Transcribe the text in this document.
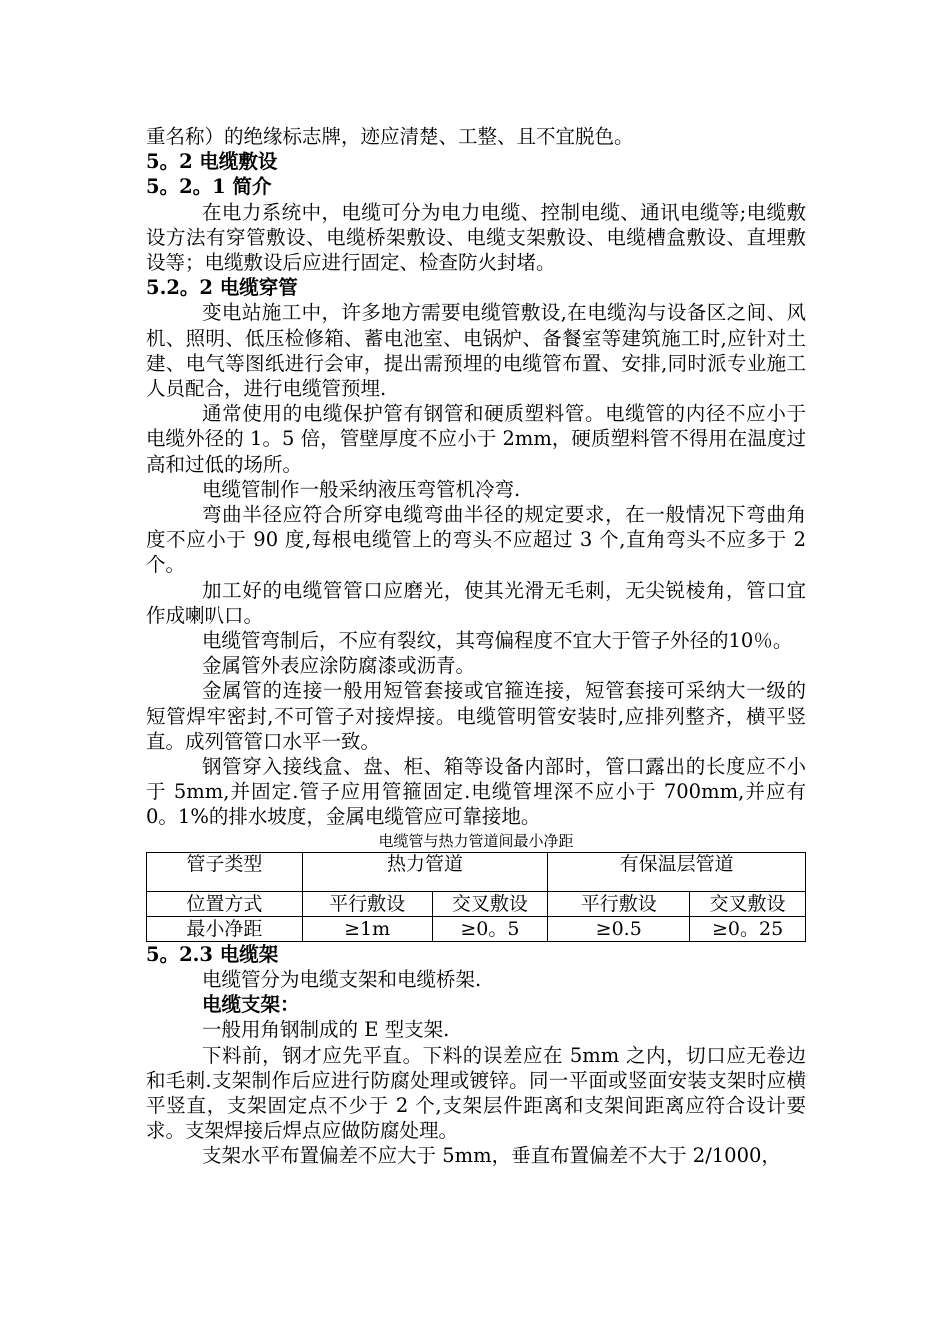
重名称）的绝缘标志牌，迹应清楚、工整、且不宜脱色。

5。2 电缆敷设

5。2。1 简介

在电力系统中，电缆可分为电力电缆、控制电缆、通讯电缆等;电缆敷设方法有穿管敷设、电缆桥架敷设、电缆支架敷设、电缆槽盒敷设、直埋敷设等；电缆敷设后应进行固定、检查防火封堵。

5.2。2 电缆穿管

变电站施工中，许多地方需要电缆管敷设,在电缆沟与设备区之间、风机、照明、低压检修箱、蓄电池室、电锅炉、备餐室等建筑施工时,应针对土建、电气等图纸进行会审，提出需预埋的电缆管布置、安排,同时派专业施工人员配合，进行电缆管预埋.

通常使用的电缆保护管有钢管和硬质塑料管。电缆管的内径不应小于电缆外径的 1。5 倍，管壁厚度不应小于 2mm，硬质塑料管不得用在温度过高和过低的场所。

电缆管制作一般采纳液压弯管机冷弯.

弯曲半径应符合所穿电缆弯曲半径的规定要求，在一般情况下弯曲角度不应小于 90 度,每根电缆管上的弯头不应超过 3 个,直角弯头不应多于 2 个。

加工好的电缆管管口应磨光，使其光滑无毛刺，无尖锐棱角，管口宜作成喇叭口。

电缆管弯制后，不应有裂纹，其弯偏程度不宜大于管子外径的10％。

金属管外表应涂防腐漆或沥青。

金属管的连接一般用短管套接或官箍连接，短管套接可采纳大一级的短管焊牢密封,不可管子对接焊接。电缆管明管安装时,应排列整齐，横平竖直。成列管管口水平一致。

钢管穿入接线盒、盘、柜、箱等设备内部时，管口露出的长度应不小于 5mm,并固定.管子应用管箍固定.电缆管埋深不应小于 700mm,并应有 0。1%的排水坡度，金属电缆管应可靠接地。

电缆管与热力管道间最小净距

管子类型	热力管道		有保温层管道	
位置方式	平行敷设	交叉敷设	平行敷设	交叉敷设
最小净距	≥1m	≥0。5	≥0.5	≥0。25

5。2.3 电缆架

电缆管分为电缆支架和电缆桥架.

电缆支架：

一般用角钢制成的 E 型支架.

下料前，钢才应先平直。下料的误差应在 5mm 之内，切口应无卷边和毛刺.支架制作后应进行防腐处理或镀锌。同一平面或竖面安装支架时应横平竖直，支架固定点不少于 2 个,支架层件距离和支架间距离应符合设计要求。支架焊接后焊点应做防腐处理。

支架水平布置偏差不应大于 5mm，垂直布置偏差不大于 2/1000，
